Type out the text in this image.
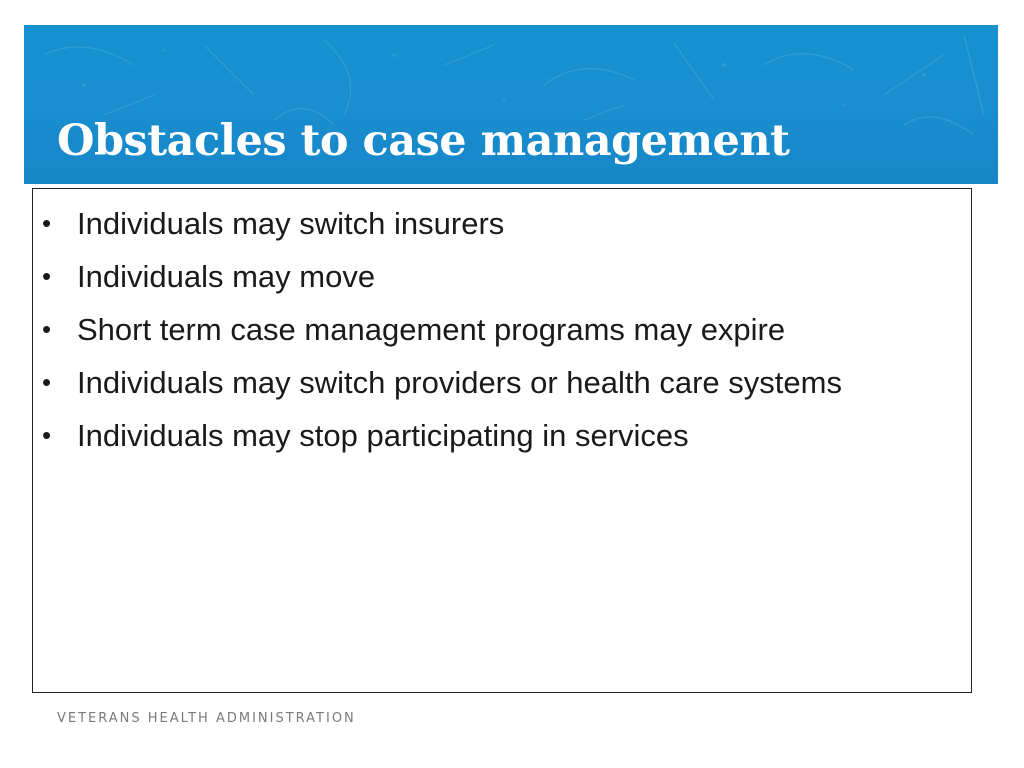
Obstacles to case management
• Individuals may switch insurers
• Individuals may move
• Short term case management programs may expire
• Individuals may switch providers or health care systems
• Individuals may stop participating in services
VETERANS HEALTH ADMINISTRATION
